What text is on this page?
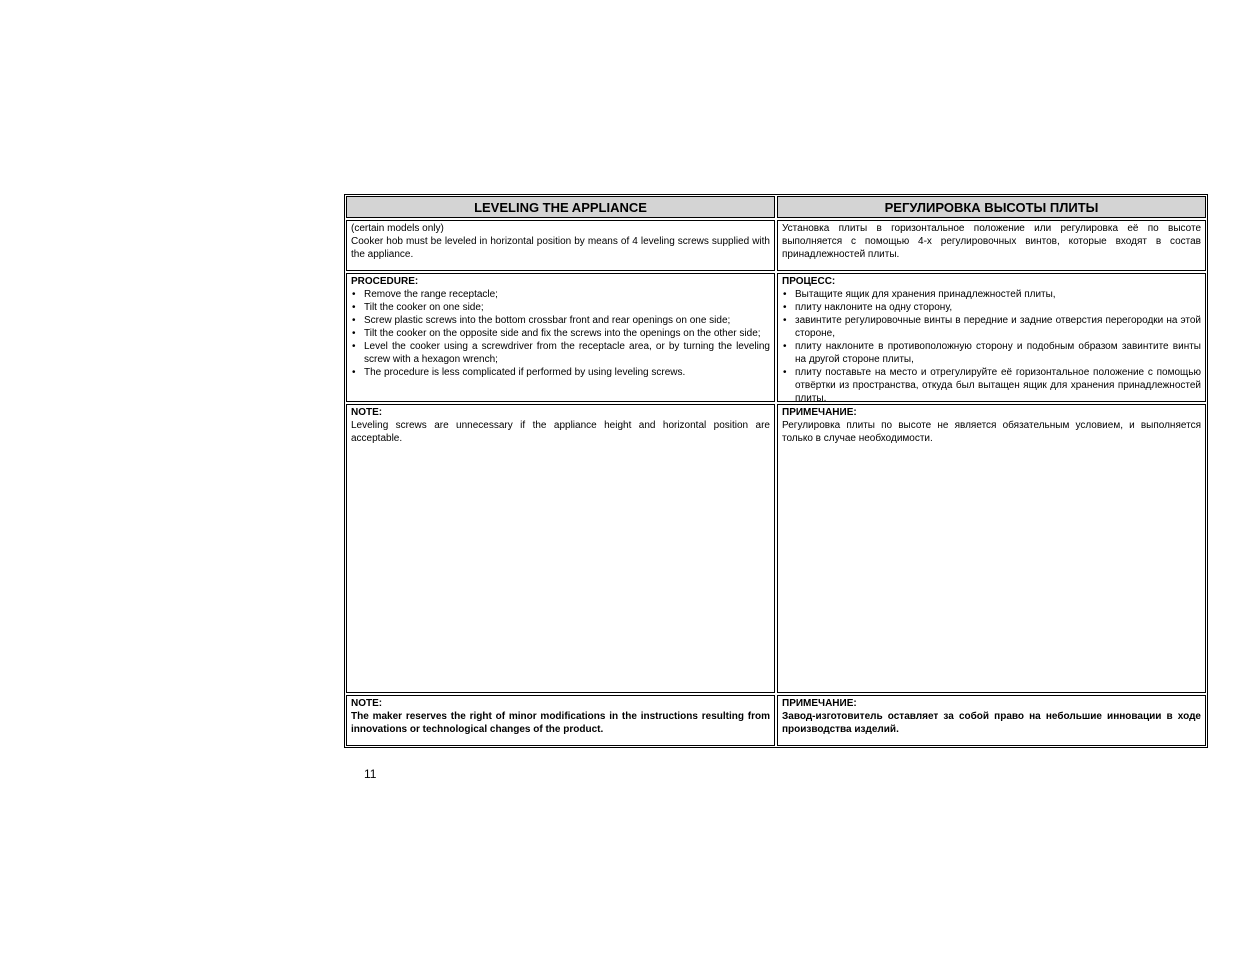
LEVELING THE APPLIANCE	РЕГУЛИРОВКА ВЫСОТЫ ПЛИТЫ
(certain models only)
Cooker hob must be leveled in horizontal position by means of 4 leveling screws supplied with the appliance.
Установка плиты в горизонтальное положение или регулировка её по высоте выполняется с помощью 4-х регулировочных винтов, которые входят в состав принадлежностей плиты.
PROCEDURE:
• Remove the range receptacle;
• Tilt the cooker on one side;
• Screw plastic screws into the bottom crossbar front and rear openings on one side;
• Tilt the cooker on the opposite side and fix the screws into the openings on the other side;
• Level the cooker using a screwdriver from the receptacle area, or by turning the leveling screw with a hexagon wrench;
• The procedure is less complicated if performed by using leveling screws.
ПРОЦЕСС:
• Вытащите ящик для хранения принадлежностей плиты,
• плиту наклоните на одну сторону,
• завинтите регулировочные винты в передние и задние отверстия перегородки на этой стороне,
• плиту наклоните в противоположную сторону и подобным образом завинтите винты на другой стороне плиты,
• плиту поставьте на место и отрегулируйте её горизонтальное положение с помощью отвёртки из пространства, откуда был вытащен ящик для хранения принадлежностей плиты.
NOTE:
Leveling screws are unnecessary if the appliance height and horizontal position are acceptable.
ПРИМЕЧАНИЕ:
Регулировка плиты по высоте не является обязательным условием, и выполняется только в случае необходимости.
NOTE:
The maker reserves the right of minor modifications in the instructions resulting from innovations or technological changes of the product.
ПРИМЕЧАНИЕ:
Завод-изготовитель оставляет за собой право на небольшие инновации в ходе производства изделий.
11
